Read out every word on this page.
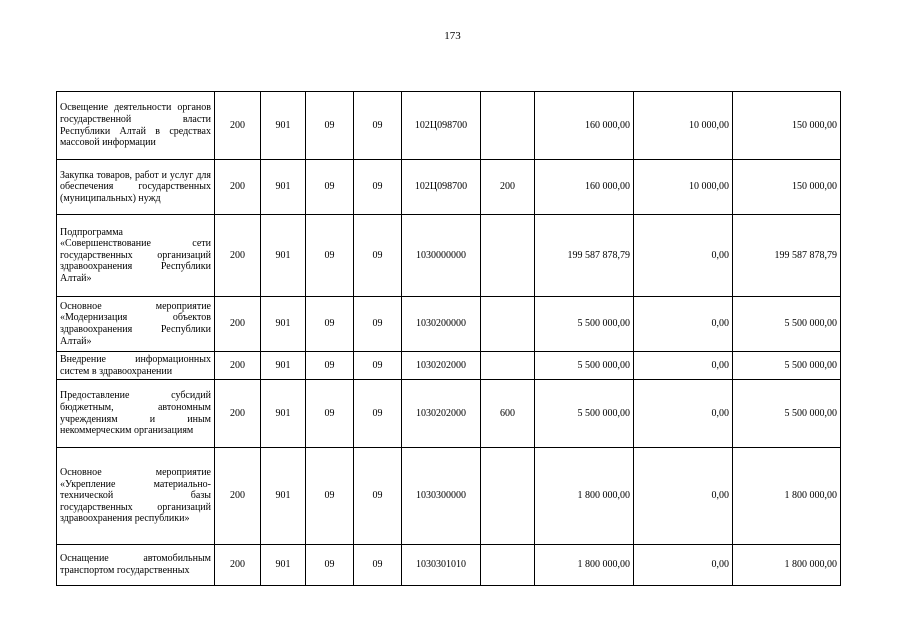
173
Освещение деятельности органов государственной власти Республики Алтай в средствах массовой информации	200	901	09	09	102Ц098700		160 000,00	10 000,00	150 000,00
Закупка товаров, работ и услуг для обеспечения государственных (муниципальных) нужд	200	901	09	09	102Ц098700	200	160 000,00	10 000,00	150 000,00
Подпрограмма «Совершенствование сети государственных организаций здравоохранения Республики Алтай»	200	901	09	09	1030000000		199 587 878,79	0,00	199 587 878,79
Основное мероприятие «Модернизация объектов здравоохранения Республики Алтай»	200	901	09	09	1030200000		5 500 000,00	0,00	5 500 000,00
Внедрение информационных систем в здравоохранении	200	901	09	09	1030202000		5 500 000,00	0,00	5 500 000,00
Предоставление субсидий бюджетным, автономным учреждениям и иным некоммерческим организациям	200	901	09	09	1030202000	600	5 500 000,00	0,00	5 500 000,00
Основное мероприятие «Укрепление материально-технической базы государственных организаций здравоохранения республики»	200	901	09	09	1030300000		1 800 000,00	0,00	1 800 000,00
Оснащение автомобильным транспортом государственных	200	901	09	09	1030301010		1 800 000,00	0,00	1 800 000,00
